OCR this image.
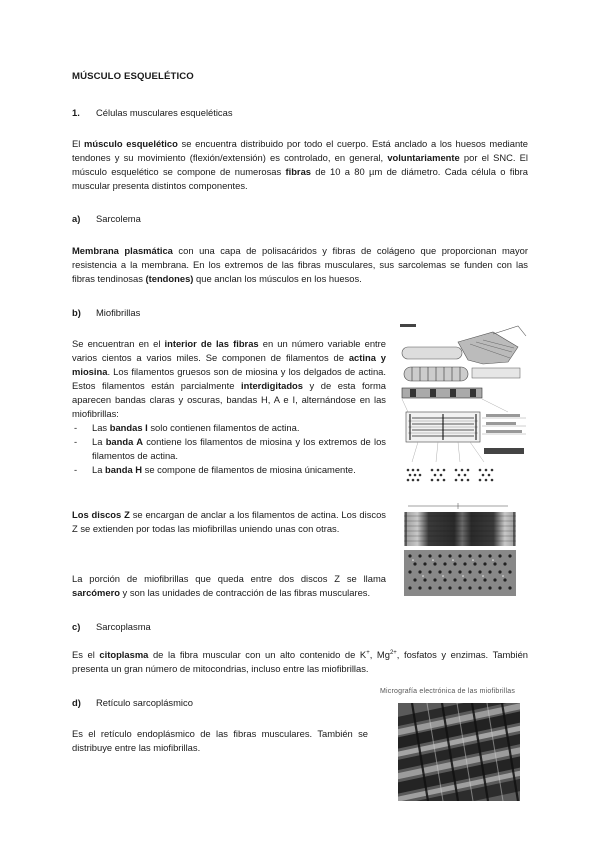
MÚSCULO ESQUELÉTICO
1. Células musculares esqueléticas
El músculo esquelético se encuentra distribuido por todo el cuerpo. Está anclado a los huesos mediante tendones y su movimiento (flexión/extensión) es controlado, en general, voluntariamente por el SNC. El músculo esquelético se compone de numerosas fibras de 10 a 80 µm de diámetro. Cada célula o fibra muscular presenta distintos componentes.
a) Sarcolema
Membrana plasmática con una capa de polisacáridos y fibras de colágeno que proporcionan mayor resistencia a la membrana. En los extremos de las fibras musculares, sus sarcolemas se funden con las fibras tendinosas (tendones) que anclan los músculos en los huesos.
b) Miofibrillas
Se encuentran en el interior de las fibras en un número variable entre varios cientos a varios miles. Se componen de filamentos de actina y miosina. Los filamentos gruesos son de miosina y los delgados de actina. Estos filamentos están parcialmente interdigitados y de esta forma aparecen bandas claras y oscuras, bandas H, A e I, alternándose en las miofibrillas:
- Las bandas I solo contienen filamentos de actina.
- La banda A contiene los filamentos de miosina y los extremos de los filamentos de actina.
- La banda H se compone de filamentos de miosina únicamente.
Los discos Z se encargan de anclar a los filamentos de actina. Los discos Z se extienden por todas las miofibrillas uniendo unas con otras.
La porción de miofibrillas que queda entre dos discos Z se llama sarcómero y son las unidades de contracción de las fibras musculares.
c) Sarcoplasma
Es el citoplasma de la fibra muscular con un alto contenido de K+, $Mg^{2+}$, fosfatos y enzimas. También presenta un gran número de mitocondrias, incluso entre las miofibrillas.
d) Retículo sarcoplásmico
Es el retículo endoplásmico de las fibras musculares. También se distribuye entre las miofibrillas.
Micrografía electrónica de las miofibrillas
